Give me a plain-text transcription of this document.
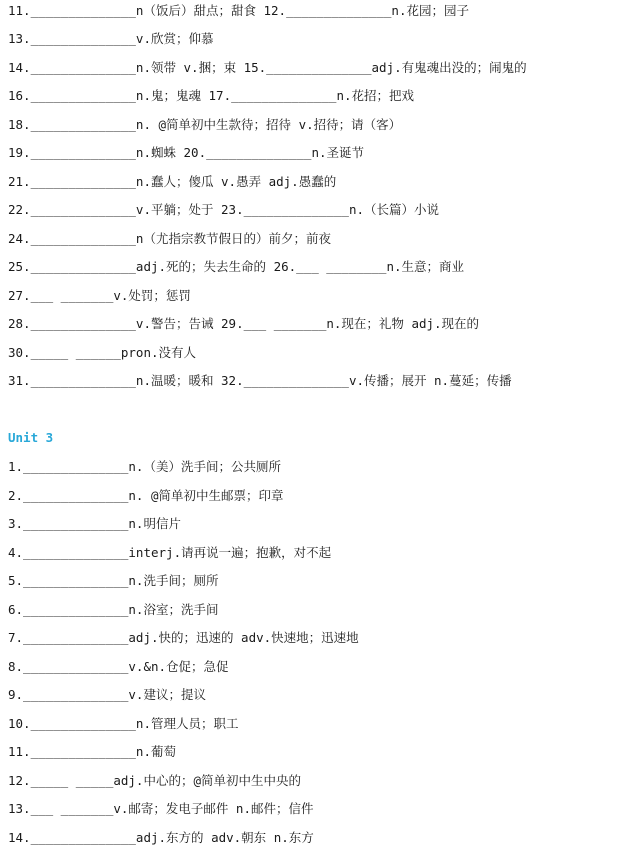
11.______________n（饭后）甜点；甜食 12.______________n.花园；园子
13.______________v.欣赏；仰慕
14.______________n.领带 v.捆；束 15.______________adj.有鬼魂出没的；闹鬼的
16.______________n.鬼；鬼魂 17.______________n.花招；把戏
18.______________n. @简单初中生款待；招待 v.招待；请（客）
19.______________n.蜘蛛 20.______________n.圣诞节
21.______________n.蠢人；傻瓜 v.愚弄 adj.愚蠢的
22.______________v.平躺；处于 23.______________n.（长篇）小说
24.______________n（尤指宗教节假日的）前夕；前夜
25.______________adj.死的；失去生命的 26.___ ________n.生意；商业
27.___ _______v.处罚；惩罚
28.______________v.警告；告诫 29.___ _______n.现在；礼物 adj.现在的
30._____ ______pron.没有人
31.______________n.温暖；暖和 32.______________v.传播；展开 n.蔓延；传播
Unit 3
1.______________n.（美）洗手间；公共厕所
2.______________n. @简单初中生邮票；印章
3.______________n.明信片
4.______________interj.请再说一遍；抱歉，对不起
5.______________n.洗手间；厕所
6.______________n.浴室；洗手间
7.______________adj.快的；迅速的 adv.快速地；迅速地
8.______________v.&n.仓促；急促
9.______________v.建议；提议
10.______________n.管理人员；职工
11.______________n.葡萄
12._____ _____adj.中心的；@简单初中生中央的
13.___ _______v.邮寄；发电子邮件 n.邮件；信件
14.______________adj.东方的 adv.朝东 n.东方
